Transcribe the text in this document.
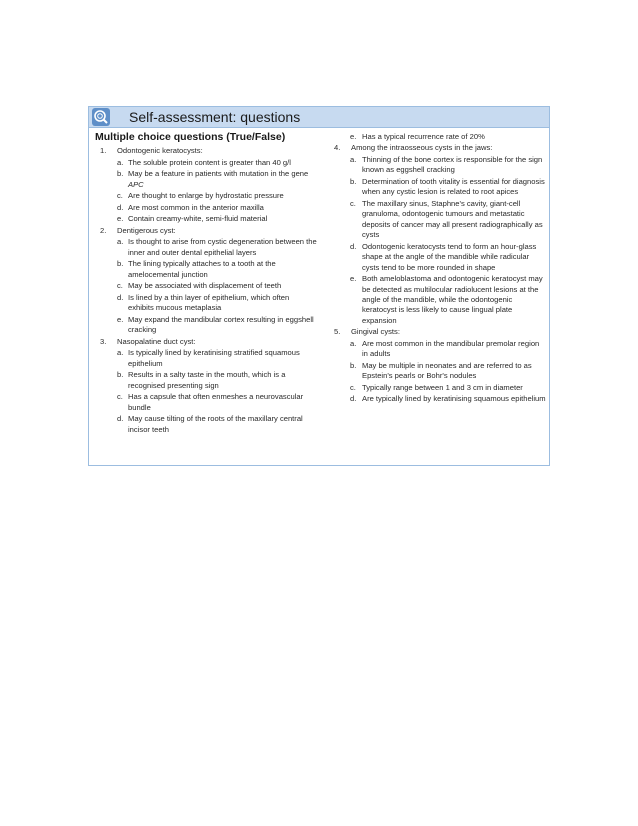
Self-assessment: questions
Multiple choice questions (True/False)
1. Odontogenic keratocysts:
a. The soluble protein content is greater than 40 g/l
b. May be a feature in patients with mutation in the gene APC
c. Are thought to enlarge by hydrostatic pressure
d. Are most common in the anterior maxilla
e. Contain creamy-white, semi-fluid material
2. Dentigerous cyst:
a. Is thought to arise from cystic degeneration between the inner and outer dental epithelial layers
b. The lining typically attaches to a tooth at the amelocemental junction
c. May be associated with displacement of teeth
d. Is lined by a thin layer of epithelium, which often exhibits mucous metaplasia
e. May expand the mandibular cortex resulting in eggshell cracking
3. Nasopalatine duct cyst:
a. Is typically lined by keratinising stratified squamous epithelium
b. Results in a salty taste in the mouth, which is a recognised presenting sign
c. Has a capsule that often enmeshes a neurovascular bundle
d. May cause tilting of the roots of the maxillary central incisor teeth
e. Has a typical recurrence rate of 20%
4. Among the intraosseous cysts in the jaws:
a. Thinning of the bone cortex is responsible for the sign known as eggshell cracking
b. Determination of tooth vitality is essential for diagnosis when any cystic lesion is related to root apices
c. The maxillary sinus, Staphne's cavity, giant-cell granuloma, odontogenic tumours and metastatic deposits of cancer may all present radiographically as cysts
d. Odontogenic keratocysts tend to form an hour-glass shape at the angle of the mandible while radicular cysts tend to be more rounded in shape
e. Both ameloblastoma and odontogenic keratocyst may be detected as multilocular radiolucent lesions at the angle of the mandible, while the odontogenic keratocyst is less likely to cause lingual plate expansion
5. Gingival cysts:
a. Are most common in the mandibular premolar region in adults
b. May be multiple in neonates and are referred to as Epstein's pearls or Bohr's nodules
c. Typically range between 1 and 3 cm in diameter
d. Are typically lined by keratinising squamous epithelium
